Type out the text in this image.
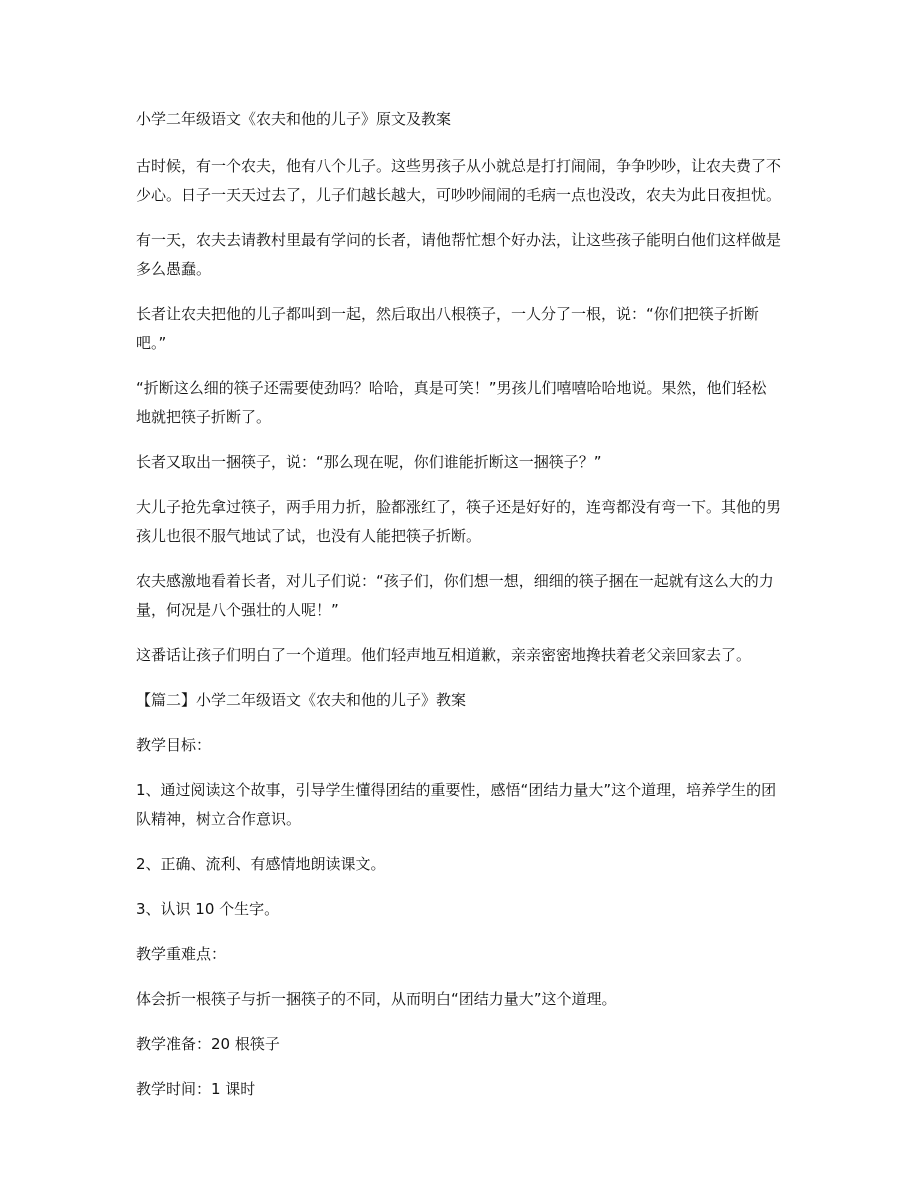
小学二年级语文《农夫和他的儿子》原文及教案

古时候，有一个农夫，他有八个儿子。这些男孩子从小就总是打打闹闹，争争吵吵，让农夫费了不少心。日子一天天过去了，儿子们越长越大，可吵吵闹闹的毛病一点也没改，农夫为此日夜担忧。

有一天，农夫去请教村里最有学问的长者，请他帮忙想个好办法，让这些孩子能明白他们这样做是多么愚蠢。

长者让农夫把他的儿子都叫到一起，然后取出八根筷子，一人分了一根，说：“你们把筷子折断吧。”

“折断这么细的筷子还需要使劲吗？哈哈，真是可笑！”男孩儿们嘻嘻哈哈地说。果然，他们轻松地就把筷子折断了。

长者又取出一捆筷子，说：“那么现在呢，你们谁能折断这一捆筷子？”

大儿子抢先拿过筷子，两手用力折，脸都涨红了，筷子还是好好的，连弯都没有弯一下。其他的男孩儿也很不服气地试了试，也没有人能把筷子折断。

农夫感激地看着长者，对儿子们说：“孩子们，你们想一想，细细的筷子捆在一起就有这么大的力量，何况是八个强壮的人呢！”

这番话让孩子们明白了一个道理。他们轻声地互相道歉，亲亲密密地搀扶着老父亲回家去了。

【篇二】小学二年级语文《农夫和他的儿子》教案

教学目标：

1、通过阅读这个故事，引导学生懂得团结的重要性，感悟“团结力量大”这个道理，培养学生的团队精神，树立合作意识。

2、正确、流利、有感情地朗读课文。

3、认识 10 个生字。

教学重难点：

体会折一根筷子与折一捆筷子的不同，从而明白“团结力量大”这个道理。

教学准备：20 根筷子

教学时间：1 课时
